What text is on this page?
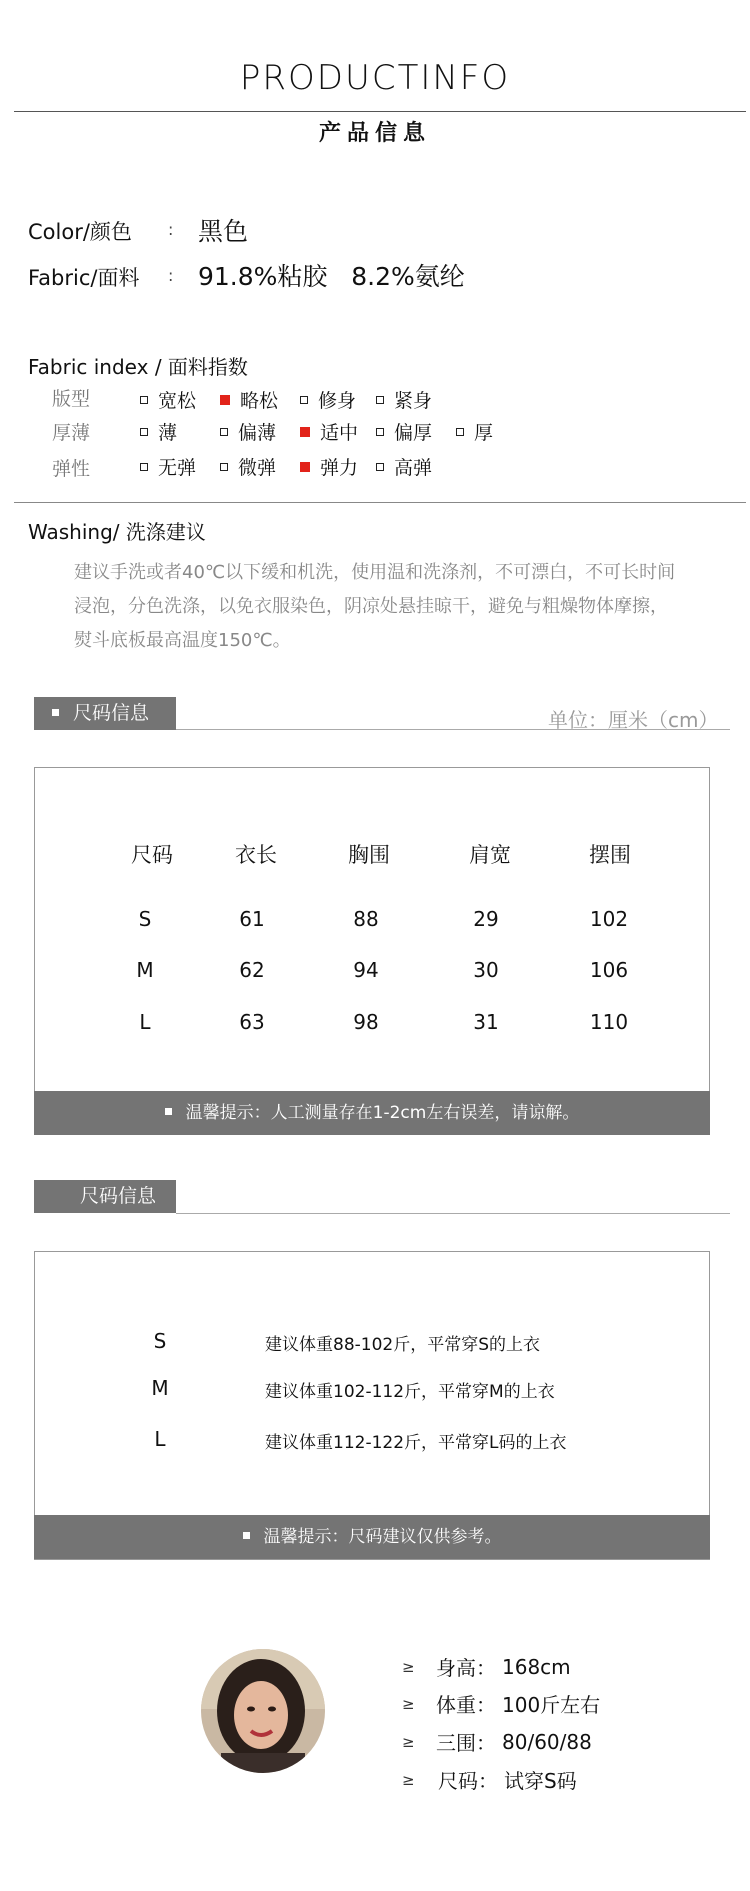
PRODUCTINFO
产品信息
Color/颜色 : 黑色
Fabric/面料 : 91.8%粘胶   8.2%氨纶
Fabric index / 面料指数
版型	宽松 略松 修身 紧身
厚薄	薄	偏薄 适中 偏厚 厚
弹性	无弹 微弹 弹力 高弹
Washing/ 洗涤建议
建议手洗或者40℃以下缓和机洗，使用温和洗涤剂，不可漂白，不可长时间
浸泡，分色洗涤，以免衣服染色，阴凉处悬挂晾干，避免与粗燥物体摩擦，
熨斗底板最高温度150℃。
尺码信息	单位：厘米（cm）
尺码	衣长	胸围	肩宽	摆围
S	61	88	29	102
M	62	94	30	106
L	63	98	31	110
温馨提示：人工测量存在1-2cm左右误差，请谅解。
尺码信息
S	建议体重88-102斤，平常穿S的上衣
M	建议体重102-112斤，平常穿M的上衣
L	建议体重112-122斤，平常穿L码的上衣
温馨提示：尺码建议仅供参考。
≥	身高： 168cm
≥	体重： 100斤左右
≥	三围： 80/60/88
≥	尺码： 试穿S码
